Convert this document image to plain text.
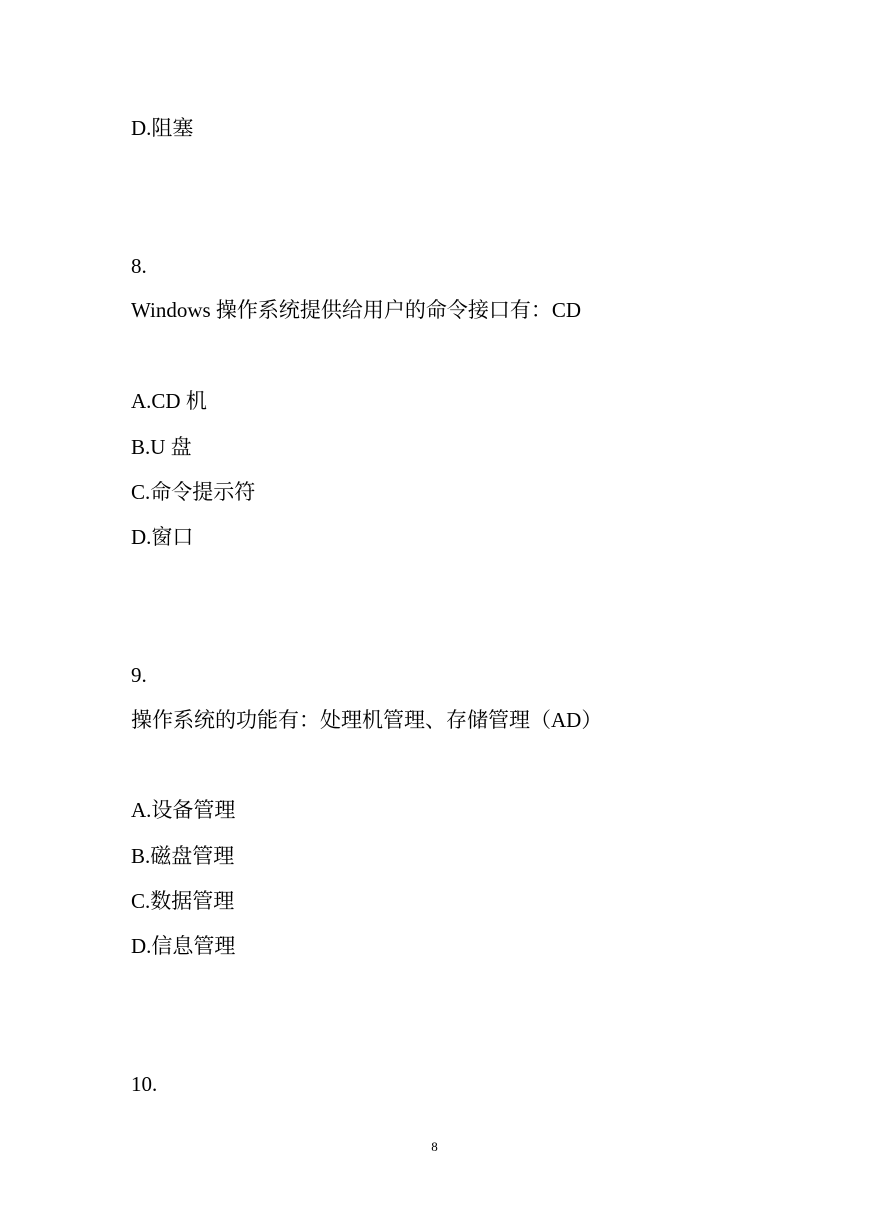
D.阻塞
8.
Windows 操作系统提供给用户的命令接口有：CD
A.CD 机
B.U 盘
C.命令提示符
D.窗口
9.
操作系统的功能有：处理机管理、存储管理（AD）
A.设备管理
B.磁盘管理
C.数据管理
D.信息管理
10.
8
